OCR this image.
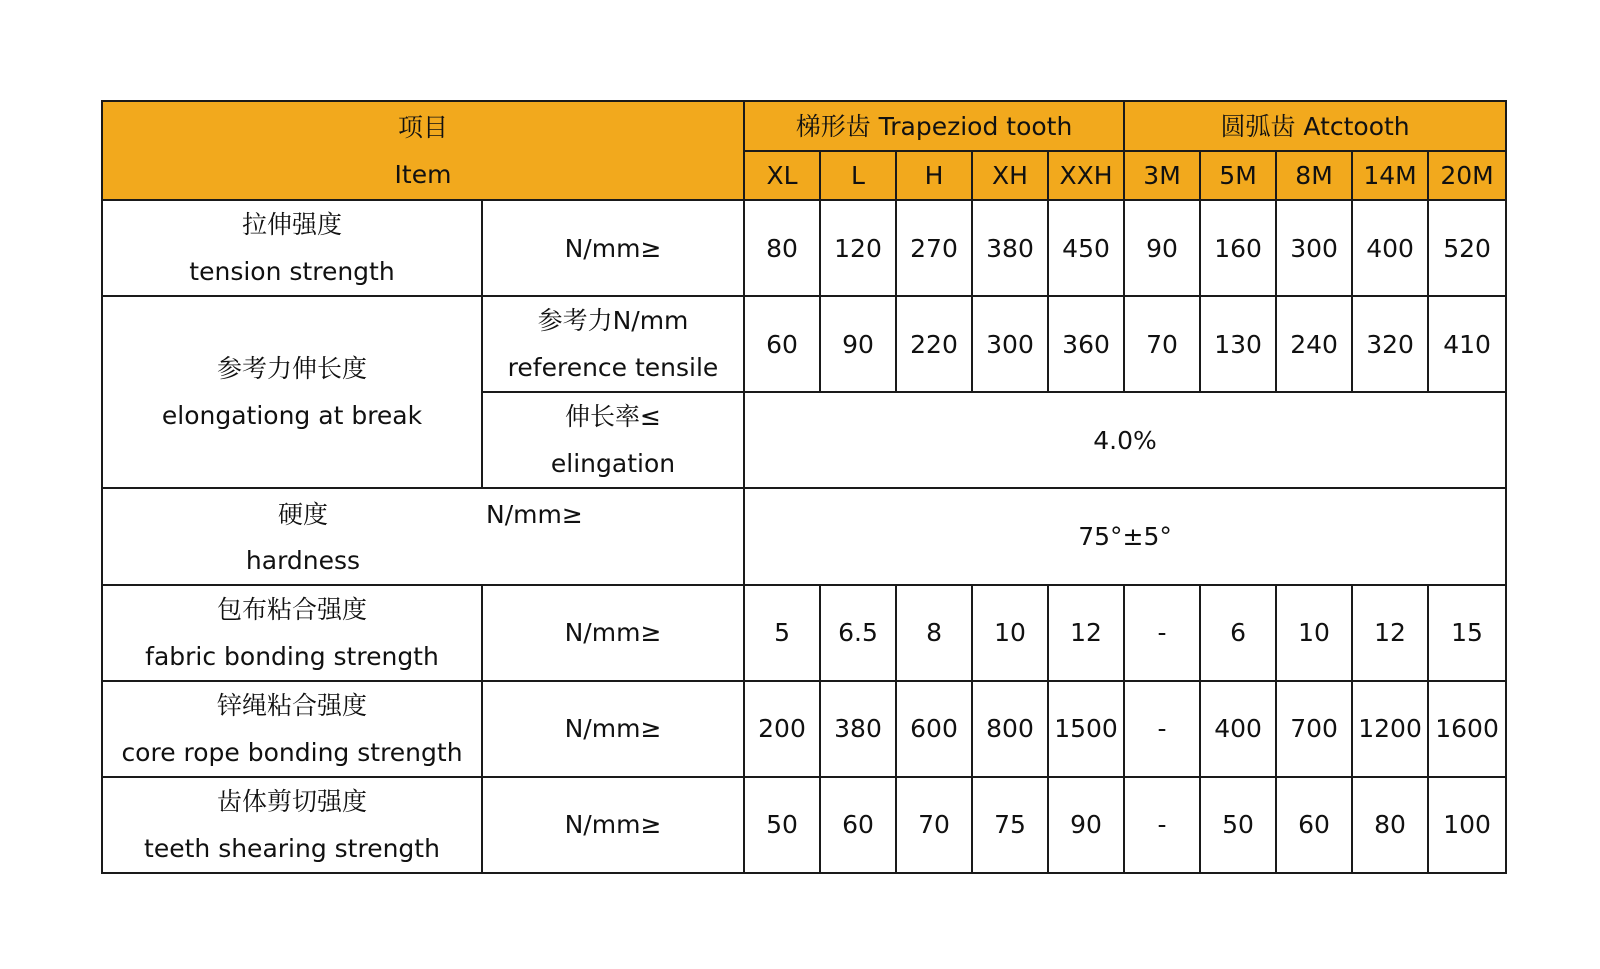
项目
Item		梯形齿 Trapeziod tooth					圆弧齿 Atctooth				
		XL	L	H	XH	XXH	3M	5M	8M	14M	20M

拉伸强度
tension strength	N/mm≥	80	120	270	380	450	90	160	300	400	520

参考力伸长度
elongationg at break	参考力N/mm
reference tensile	60	90	220	300	360	70	130	240	320	410

	伸长率≤
elingation	4.0%									

硬度
hardness
N/mm≥		75°±5°									

包布粘合强度
fabric bonding strength	N/mm≥	5	6.5	8	10	12	-	6	10	12	15

锌绳粘合强度
core rope bonding strength	N/mm≥	200	380	600	800	1500	-	400	700	1200	1600

齿体剪切强度
teeth shearing strength	N/mm≥	50	60	70	75	90	-	50	60	80	100
